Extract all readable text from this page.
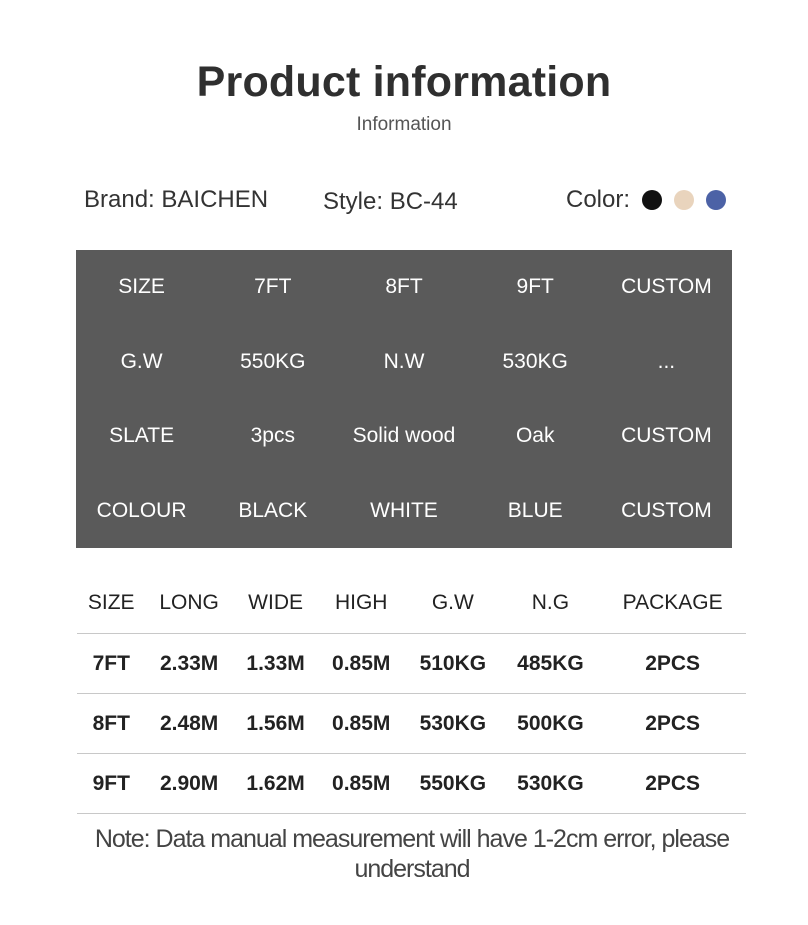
Product information
Information
Brand: BAICHEN Style: BC-44	Color:
SIZE	7FT	8FT	9FT	CUSTOM
G.W	550KG	N.W	530KG	...
SLATE	3pcs	Solid wood	Oak	CUSTOM
COLOUR	BLACK	WHITE	BLUE	CUSTOM
SIZE	LONG	WIDE	HIGH	G.W	N.G	PACKAGE
7FT	2.33M	1.33M	0.85M	510KG	485KG	2PCS
8FT	2.48M	1.56M	0.85M	530KG	500KG	2PCS
9FT	2.90M	1.62M	0.85M	550KG	530KG	2PCS
Note: Data manual measurement will have 1-2cm error, please
understand
